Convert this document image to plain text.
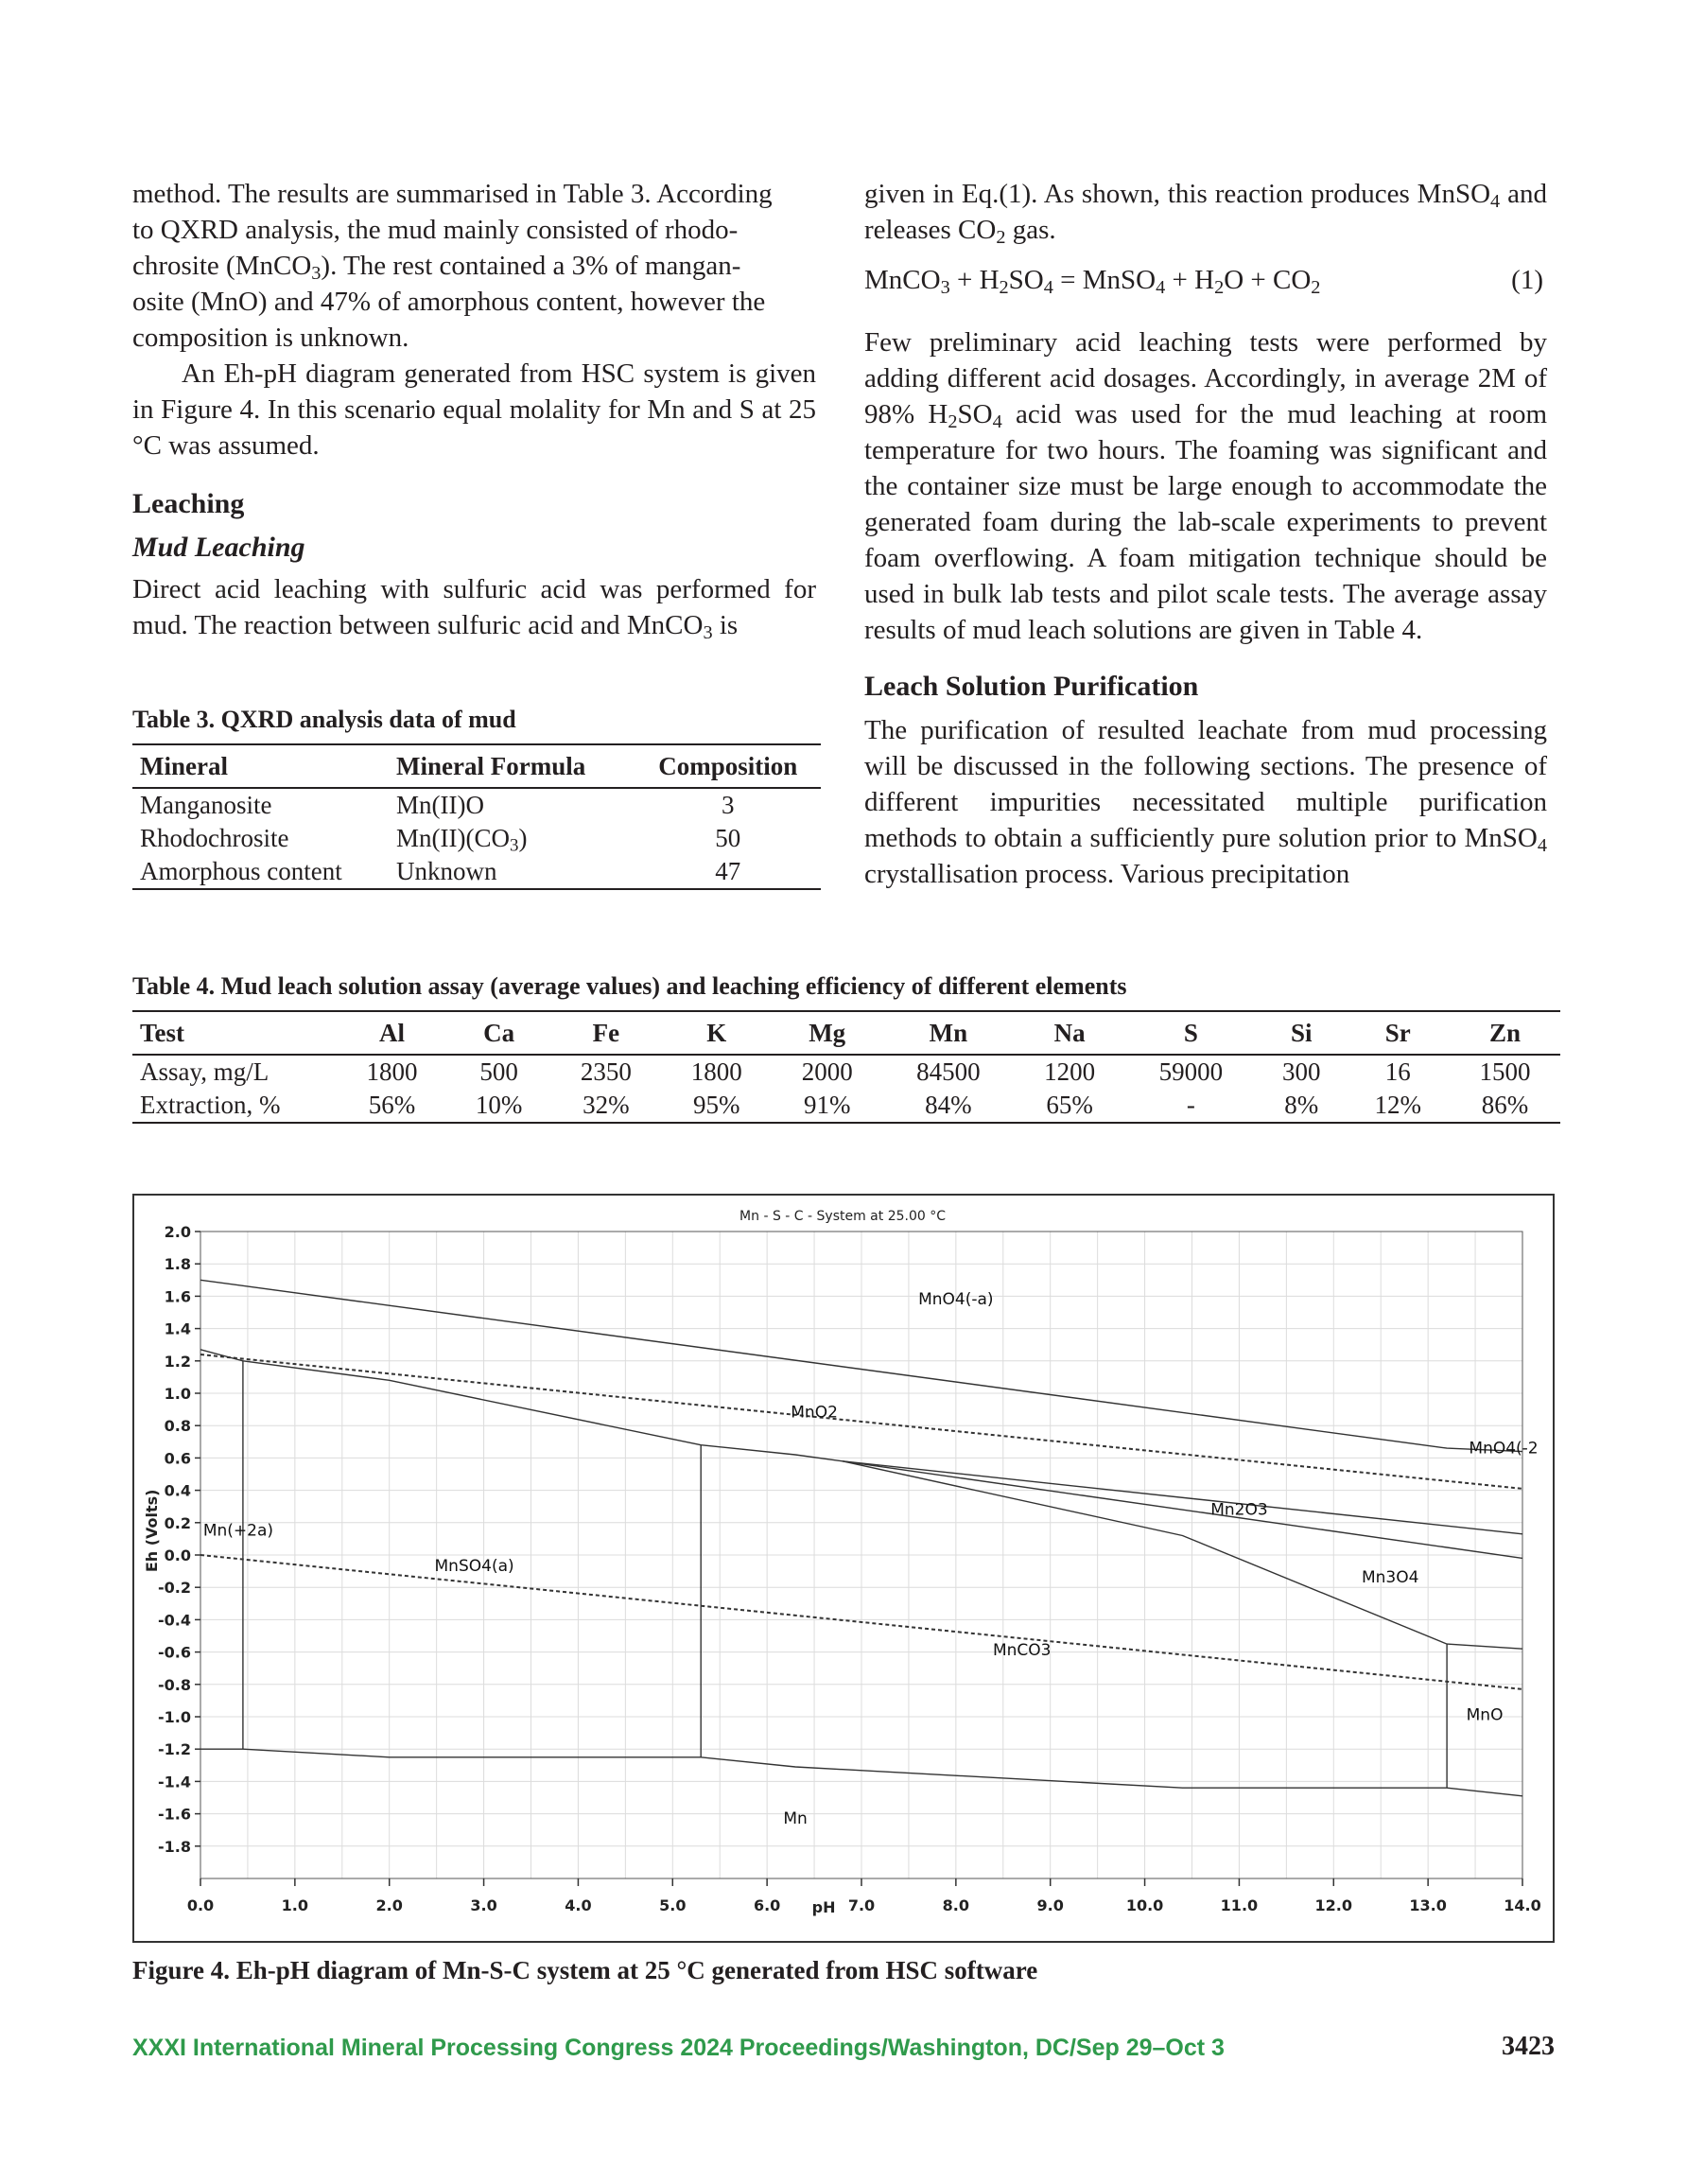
method. The results are summarised in Table 3. According
to QXRD analysis, the mud mainly consisted of rhodo-
chrosite (MnCO$_3$). The rest contained a 3% of mangan-
osite (MnO) and 47% of amorphous content, however the
composition is unknown.

An Eh-pH diagram generated from HSC system is given in Figure 4. In this scenario equal molality for Mn and S at 25 °C was assumed.

Leaching

Mud Leaching

Direct acid leaching with sulfuric acid was performed for mud. The reaction between sulfuric acid and MnCO$_3$ is

Table 3. QXRD analysis data of mud
Mineral	Mineral Formula	Composition
Manganosite	Mn(II)O	3
Rhodochrosite	$Mn(II)(CO_3)$	50
Amorphous content	Unknown	47

given in Eq.(1). As shown, this reaction produces MnSO$_4$ and releases $CO_2$ gas.

MnCO$_3$ + $H_2SO_4$ = MnSO$_4$ + $H_2O + CO_2$	(1)

Few preliminary acid leaching tests were performed by adding different acid dosages. Accordingly, in average 2M of 98% $H_2SO_4$ acid was used for the mud leaching at room temperature for two hours. The foaming was significant and the container size must be large enough to accommodate the generated foam during the lab-scale experiments to prevent foam overflowing. A foam mitigation technique should be used in bulk lab tests and pilot scale tests. The average assay results of mud leach solutions are given in Table 4.

Leach Solution Purification

The purification of resulted leachate from mud processing will be discussed in the following sections. The presence of different impurities necessitated multiple purification methods to obtain a sufficiently pure solution prior to MnSO$_4$ crystallisation process. Various precipitation

Table 4. Mud leach solution assay (average values) and leaching efficiency of different elements
Test	Al	Ca	Fe	K	Mg	Mn	Na	S	Si	Sr	Zn
Assay, mg/L	1800	500	2350	1800	2000	84500	1200	59000	300	16	1500
Extraction, %	56%	10%	32%	95%	91%	84%	65%	-	8%	12%	86%
0.0	1.0	2.0	3.0	4.0	5.0	6.0	7.0	8.0	9.0	10.0	11.0	12.0	13.0	14.0
2.0
1.8
1.6
1.4
1.2
1.0
0.8
0.6
0.4
0.2
0.0
-0.2
-0.4
-0.6
-0.8
-1.0
-1.2
-1.4
-1.6
-1.8
pH
Eh (Volts)
Mn - S - C - System at 25.00 °C
MnO4(-a)
MnO4(-2
MnO2
Mn2O3
Mn3O4
Mn(+2a)
MnSO4(a)
MnCO3
MnO
Mn
Figure 4. Eh-pH diagram of Mn-S-C system at 25 °C generated from HSC software
XXXI International Mineral Processing Congress 2024 Proceedings/Washington, DC/Sep 29–Oct 3	3423
